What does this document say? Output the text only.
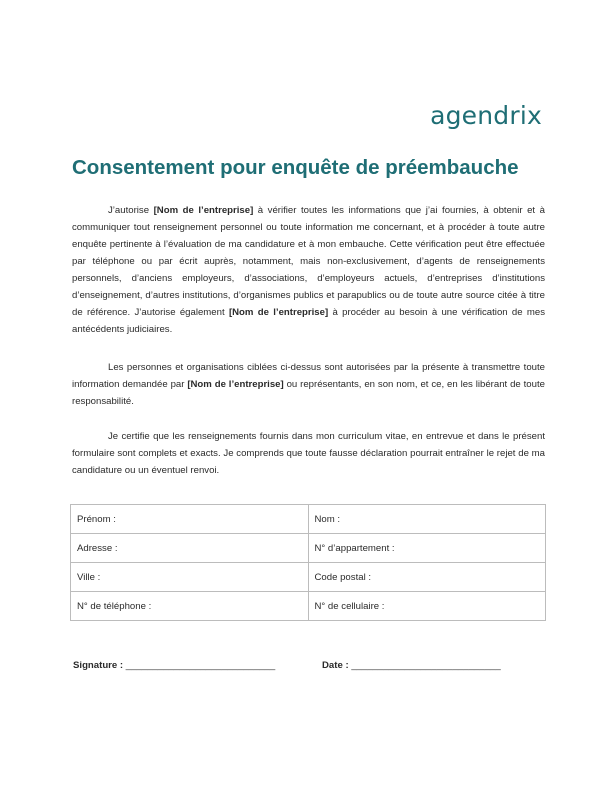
agendrix
Consentement pour enquête de préembauche

J’autorise [Nom de l’entreprise] à vérifier toutes les informations que j’ai fournies, à obtenir et à communiquer tout renseignement personnel ou toute information me concernant, et à procéder à toute autre enquête pertinente à l’évaluation de ma candidature et à mon embauche. Cette vérification peut être effectuée par téléphone ou par écrit auprès, notamment, mais non-exclusivement, d’agents de renseignements personnels, d’anciens employeurs, d’associations, d’employeurs actuels, d’entreprises d’institutions d’enseignement, d’autres institutions, d’organismes publics et parapublics ou de toute autre source citée à titre de référence. J’autorise également [Nom de l’entreprise] à procéder au besoin à une vérification de mes antécédents judiciaires.

Les personnes et organisations ciblées ci-dessus sont autorisées par la présente à transmettre toute information demandée par [Nom de l’entreprise] ou représentants, en son nom, et ce, en les libérant de toute responsabilité.

Je certifie que les renseignements fournis dans mon curriculum vitae, en entrevue et dans le présent formulaire sont complets et exacts. Je comprends que toute fausse déclaration pourrait entraîner le rejet de ma candidature ou un éventuel renvoi.

Prénom :	Nom :
Adresse :	N° d’appartement :
Ville :	Code postal :
N° de téléphone :	N° de cellulaire :
Signature : ____________________________	Date : ____________________________
